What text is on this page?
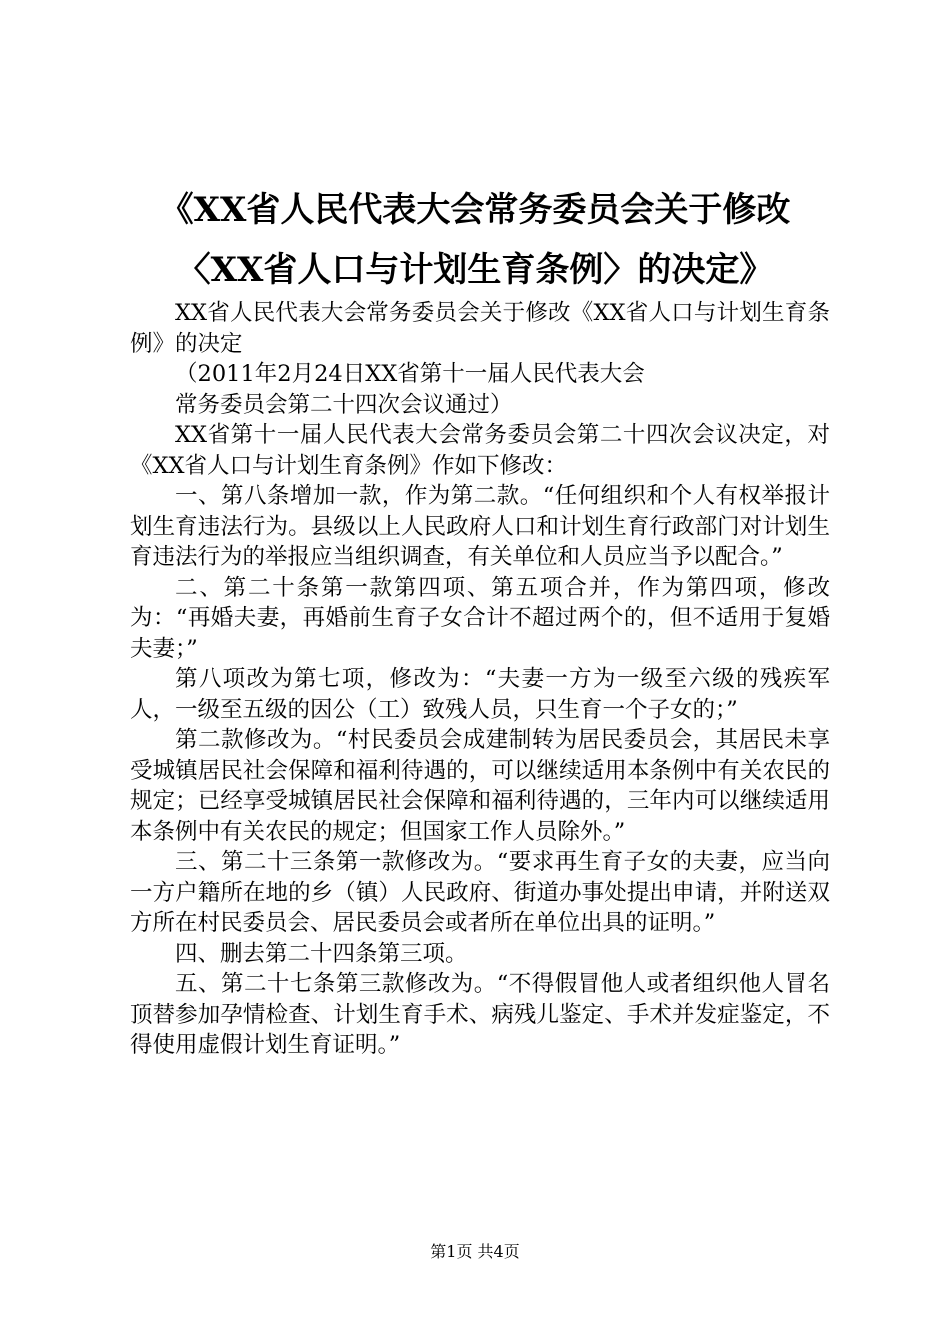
《XX省人民代表大会常务委员会关于修改
〈XX省人口与计划生育条例〉的决定》

XX省人民代表大会常务委员会关于修改《XX省人口与计划生育条例》的决定

（2011年2月24日XX省第十一届人民代表大会

常务委员会第二十四次会议通过）

XX省第十一届人民代表大会常务委员会第二十四次会议决定，对《XX省人口与计划生育条例》作如下修改：

一、第八条增加一款，作为第二款。“任何组织和个人有权举报计划生育违法行为。县级以上人民政府人口和计划生育行政部门对计划生育违法行为的举报应当组织调查，有关单位和人员应当予以配合。”

二、第二十条第一款第四项、第五项合并，作为第四项，修改为：“再婚夫妻，再婚前生育子女合计不超过两个的，但不适用于复婚夫妻；”

第八项改为第七项，修改为：“夫妻一方为一级至六级的残疾军人，一级至五级的因公（工）致残人员，只生育一个子女的；”

第二款修改为。“村民委员会成建制转为居民委员会，其居民未享受城镇居民社会保障和福利待遇的，可以继续适用本条例中有关农民的规定；已经享受城镇居民社会保障和福利待遇的，三年内可以继续适用本条例中有关农民的规定；但国家工作人员除外。”

三、第二十三条第一款修改为。“要求再生育子女的夫妻，应当向一方户籍所在地的乡（镇）人民政府、街道办事处提出申请，并附送双方所在村民委员会、居民委员会或者所在单位出具的证明。”

四、删去第二十四条第三项。

五、第二十七条第三款修改为。“不得假冒他人或者组织他人冒名顶替参加孕情检查、计划生育手术、病残儿鉴定、手术并发症鉴定，不得使用虚假计划生育证明。”

第1页 共4页
